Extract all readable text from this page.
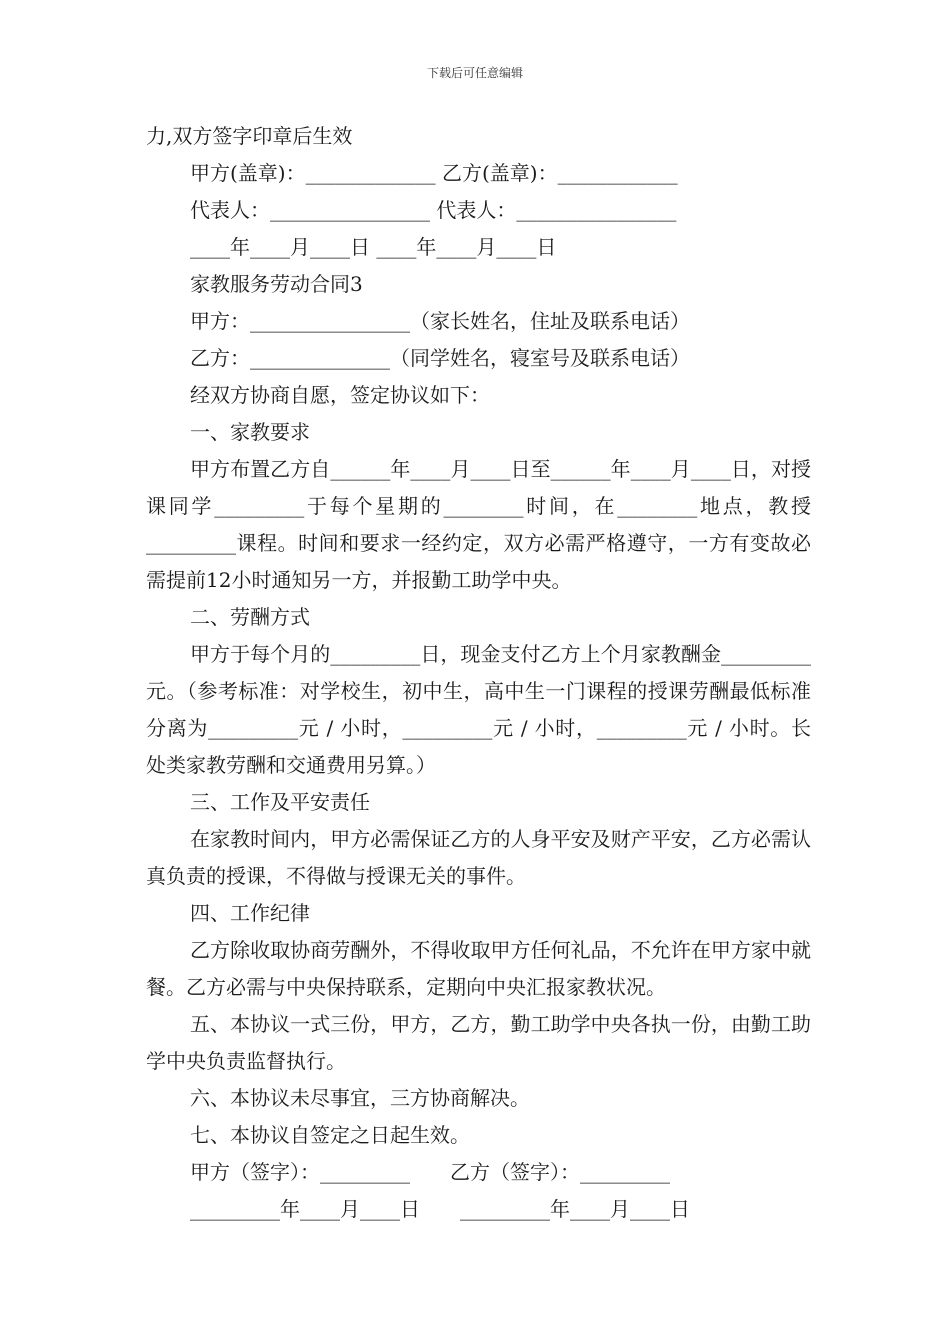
下载后可任意编辑
力,双方签字印章后生效
甲方(盖章)：_____________ 乙方(盖章)：____________
代表人：________________ 代表人：________________
____年____月____日 ____年____月____日
家教服务劳动合同3
甲方：________________（家长姓名，住址及联系电话）
乙方：______________（同学姓名，寝室号及联系电话）
经双方协商自愿，签定协议如下：
一、家教要求
甲方布置乙方自______年____月____日至______年____月____日，对授课同学_________于每个星期的________时间，在________地点，教授_________课程。时间和要求一经约定，双方必需严格遵守，一方有变故必需提前12小时通知另一方，并报勤工助学中央。
二、劳酬方式
甲方于每个月的_________日，现金支付乙方上个月家教酬金_________元。（参考标准：对学校生，初中生，高中生一门课程的授课劳酬最低标准分离为_________元 / 小时，_________元 / 小时，_________元 / 小时。长处类家教劳酬和交通费用另算。）
三、工作及平安责任
在家教时间内，甲方必需保证乙方的人身平安及财产平安，乙方必需认真负责的授课，不得做与授课无关的事件。
四、工作纪律
乙方除收取协商劳酬外，不得收取甲方任何礼品，不允许在甲方家中就餐。乙方必需与中央保持联系，定期向中央汇报家教状况。
五、本协议一式三份，甲方，乙方，勤工助学中央各执一份，由勤工助学中央负责监督执行。
六、本协议未尽事宜，三方协商解决。
七、本协议自签定之日起生效。
甲方（签字）：_________　　乙方（签字）：_________
_________年____月____日　　_________年____月____日
